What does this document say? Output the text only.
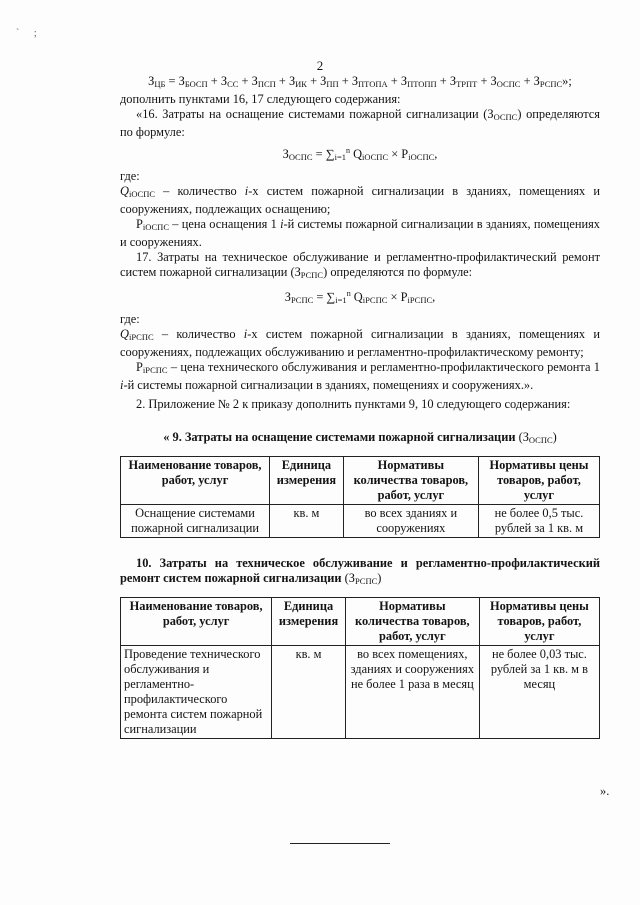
` ;
2

$З_{ЦБ} = З_{БОСП} + З_{СС} + З_{ПСП} + З_{ИК} + З_{ПП} + З_{ПТОПА} + З_{ПТОПП} + З_{ТРПТ} + З_{ОСПС} + З_{РСПС}$»;

дополнить пунктами 16, 17 следующего содержания:

«16. Затраты на оснащение системами пожарной сигнализации $(З_{ОСПС})$ определяются по формуле:

$З_{ОСПС} = \sum_{i=1}^n$ $Q_{iОСПС} \times P_{iОСПС}$,

где:

$Q_{iОСПС}$ – количество i-х систем пожарной сигнализации в зданиях, помещениях и сооружениях, подлежащих оснащению;

$P_{iОСПС}$ – цена оснащения 1 i-й системы пожарной сигнализации в зданиях, помещениях и сооружениях.

17. Затраты на техническое обслуживание и регламентно-профилактический ремонт систем пожарной сигнализации $(З_{РСПС})$ определяются по формуле:

$З_{РСПС} = \sum_{i=1}^n$ $Q_{iРСПС} \times P_{iРСПС}$,

где:

$Q_{iРСПС}$ – количество i-х систем пожарной сигнализации в зданиях, помещениях и сооружениях, подлежащих обслуживанию и регламентно-профилактическому ремонту;

$P_{iРСПС}$ – цена технического обслуживания и регламентно-профилактического ремонта 1 i-й системы пожарной сигнализации в зданиях, помещениях и сооружениях.».

2. Приложение № 2 к приказу дополнить пунктами 9, 10 следующего содержания:

« 9. Затраты на оснащение системами пожарной сигнализации $(З_{ОСПС})$

Наименование товаров, работ, услуг	Единица измерения	Нормативы количества товаров, работ, услуг	Нормативы цены товаров, работ, услуг
Оснащение системами пожарной сигнализации	кв. м	во всех зданиях и сооружениях	не более 0,5 тыс. рублей за 1 кв. м

10. Затраты на техническое обслуживание и регламентно-профилактический ремонт систем пожарной сигнализации $(З_{РСПС})$

Наименование товаров, работ, услуг	Единица измерения	Нормативы количества товаров, работ, услуг	Нормативы цены товаров, работ, услуг
Проведение технического обслуживания и регламентно-профилактического ремонта систем пожарной сигнализации	кв. м	во всех помещениях, зданиях и сооружениях не более 1 раза в месяц	не более 0,03 тыс. рублей за 1 кв. м в месяц
».
